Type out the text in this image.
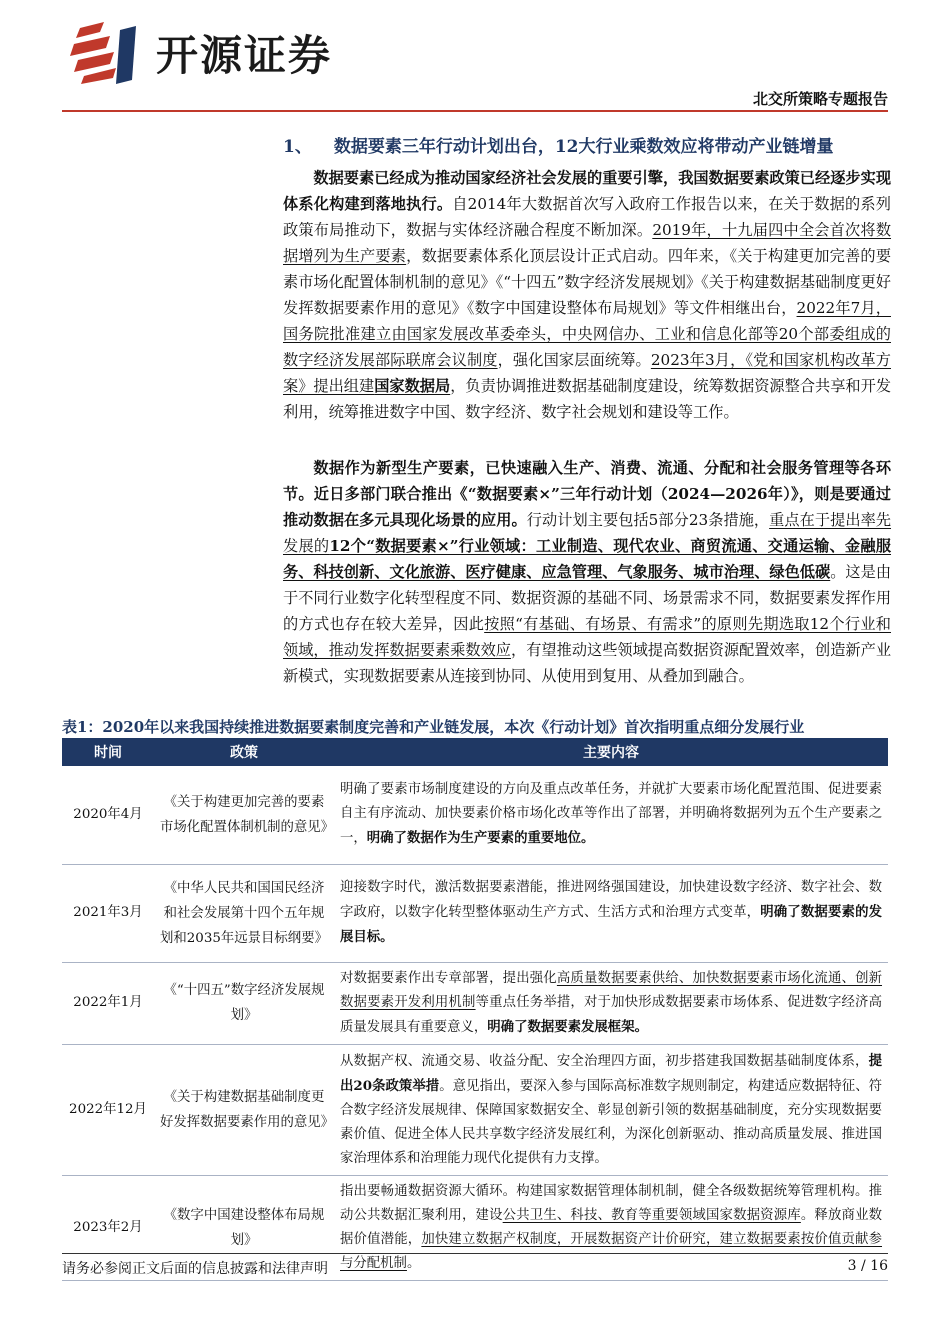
开源证券
北交所策略专题报告
1、 数据要素三年行动计划出台，12大行业乘数效应将带动产业链增量
数据要素已经成为推动国家经济社会发展的重要引擎，我国数据要素政策已经逐步实现体系化构建到落地执行。自2014年大数据首次写入政府工作报告以来，在关于数据的系列政策布局推动下，数据与实体经济融合程度不断加深。2019年，十九届四中全会首次将数据增列为生产要素，数据要素体系化顶层设计正式启动。四年来，《关于构建更加完善的要素市场化配置体制机制的意见》《“十四五”数字经济发展规划》《关于构建数据基础制度更好发挥数据要素作用的意见》《数字中国建设整体布局规划》等文件相继出台，2022年7月，国务院批准建立由国家发展改革委牵头，中央网信办、工业和信息化部等20个部委组成的数字经济发展部际联席会议制度，强化国家层面统筹。2023年3月，《党和国家机构改革方案》提出组建国家数据局，负责协调推进数据基础制度建设，统筹数据资源整合共享和开发利用，统筹推进数字中国、数字经济、数字社会规划和建设等工作。
数据作为新型生产要素，已快速融入生产、消费、流通、分配和社会服务管理等各环节。近日多部门联合推出《“数据要素×”三年行动计划（2024—2026年）》，则是要通过推动数据在多元具现化场景的应用。行动计划主要包括5部分23条措施，重点在于提出率先发展的12个“数据要素×”行业领域：工业制造、现代农业、商贸流通、交通运输、金融服务、科技创新、文化旅游、医疗健康、应急管理、气象服务、城市治理、绿色低碳。这是由于不同行业数字化转型程度不同、数据资源的基础不同、场景需求不同，数据要素发挥作用的方式也存在较大差异，因此按照“有基础、有场景、有需求”的原则先期选取12个行业和领域，推动发挥数据要素乘数效应，有望推动这些领域提高数据资源配置效率，创造新产业新模式，实现数据要素从连接到协同、从使用到复用、从叠加到融合。
表1：2020年以来我国持续推进数据要素制度完善和产业链发展，本次《行动计划》首次指明重点细分发展行业
时间	政策	主要内容
2020年4月	《关于构建更加完善的要素市场化配置体制机制的意见》	明确了要素市场制度建设的方向及重点改革任务，并就扩大要素市场化配置范围、促进要素自主有序流动、加快要素价格市场化改革等作出了部署，并明确将数据列为五个生产要素之一，明确了数据作为生产要素的重要地位。
2021年3月	《中华人民共和国国民经济和社会发展第十四个五年规划和2035年远景目标纲要》	迎接数字时代，激活数据要素潜能，推进网络强国建设，加快建设数字经济、数字社会、数字政府，以数字化转型整体驱动生产方式、生活方式和治理方式变革，明确了数据要素的发展目标。
2022年1月	《“十四五”数字经济发展规划》	对数据要素作出专章部署，提出强化高质量数据要素供给、加快数据要素市场化流通、创新数据要素开发利用机制等重点任务举措，对于加快形成数据要素市场体系、促进数字经济高质量发展具有重要意义，明确了数据要素发展框架。
2022年12月	《关于构建数据基础制度更好发挥数据要素作用的意见》	从数据产权、流通交易、收益分配、安全治理四方面，初步搭建我国数据基础制度体系，提出20条政策举措。意见指出，要深入参与国际高标准数字规则制定，构建适应数据特征、符合数字经济发展规律、保障国家数据安全、彰显创新引领的数据基础制度，充分实现数据要素价值、促进全体人民共享数字经济发展红利，为深化创新驱动、推动高质量发展、推进国家治理体系和治理能力现代化提供有力支撑。
2023年2月	《数字中国建设整体布局规划》	指出要畅通数据资源大循环。构建国家数据管理体制机制，健全各级数据统筹管理机构。推动公共数据汇聚利用，建设公共卫生、科技、教育等重要领域国家数据资源库。释放商业数据价值潜能，加快建立数据产权制度，开展数据资产计价研究，建立数据要素按价值贡献参与分配机制。
请务必参阅正文后面的信息披露和法律声明	3 / 16
